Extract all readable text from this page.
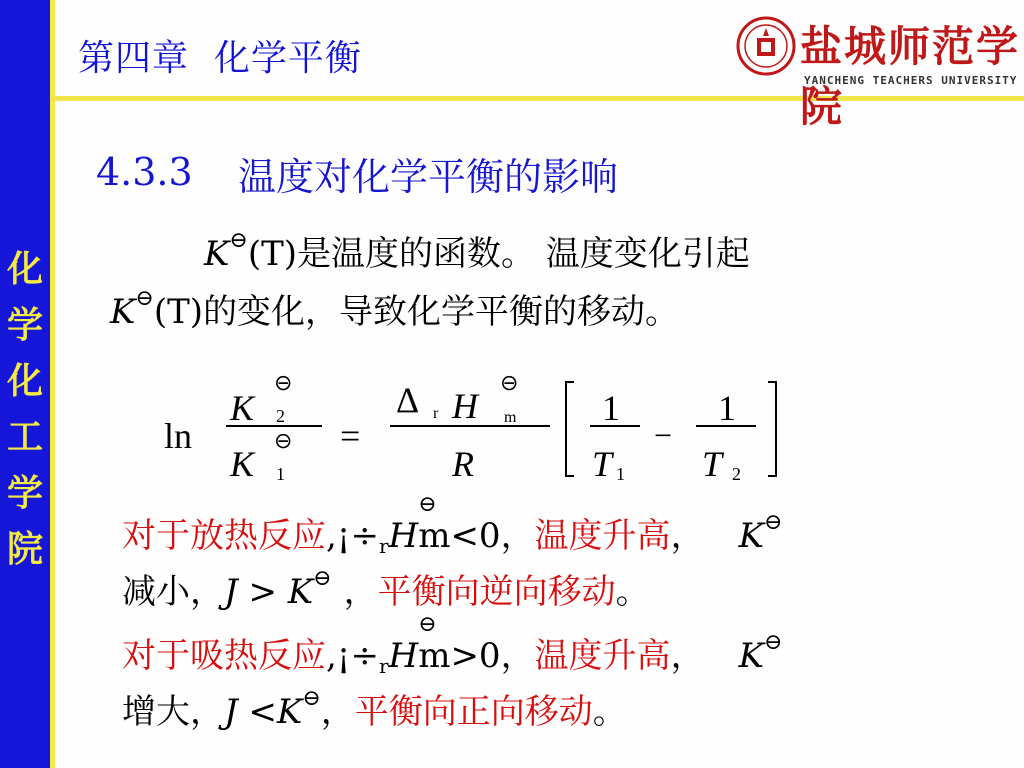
化
学
化
工
学
院
第四章  化学平衡	盐城师范学院
YANCHENG TEACHERS UNIVERSITY
4.3.3 温度对化学平衡的影响
K⊖(T)是温度的函数。 温度变化引起
K⊖(T)的变化，导致化学平衡的移动。
ln
K
⊖
2
K
⊖
1
=
Δ r H
⊖
m
R
1
T 1
−
1
T 2
对于放热反应,¡÷rH
⊖
m<0，温度升高， K⊖
减小，J > K⊖ ，平衡向逆向移动。
对于吸热反应,¡÷rH
⊖
m>0，温度升高， K⊖
增大，J <K⊖，平衡向正向移动。
